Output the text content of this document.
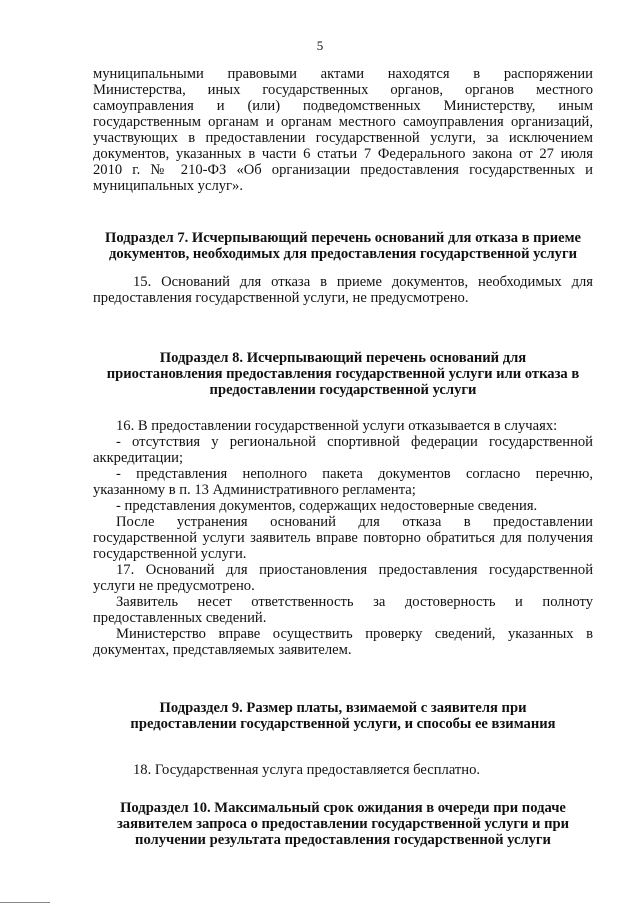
5
муниципальными правовыми актами находятся в распоряжении
Министерства, иных государственных органов, органов местного
самоуправления и (или) подведомственных Министерству, иным
государственным органам и органам местного самоуправления организаций,
участвующих в предоставлении государственной услуги, за исключением
документов, указанных в части 6 статьи 7 Федерального закона от 27 июля
2010 г. № 210-ФЗ «Об организации предоставления государственных и
муниципальных услуг».
Подраздел 7. Исчерпывающий перечень оснований для отказа в приеме
документов, необходимых для предоставления государственной услуги
15. Оснований для отказа в приеме документов, необходимых для
предоставления государственной услуги, не предусмотрено.
Подраздел 8. Исчерпывающий перечень оснований для
приостановления предоставления государственной услуги или отказа в
предоставлении государственной услуги
16. В предоставлении государственной услуги отказывается в случаях:
- отсутствия у региональной спортивной федерации государственной
аккредитации;
- представления неполного пакета документов согласно перечню,
указанному в п. 13 Административного регламента;
- представления документов, содержащих недостоверные сведения.
После устранения оснований для отказа в предоставлении
государственной услуги заявитель вправе повторно обратиться для получения
государственной услуги.
17. Оснований для приостановления предоставления государственной
услуги не предусмотрено.
Заявитель несет ответственность за достоверность и полноту
предоставленных сведений.
Министерство вправе осуществить проверку сведений, указанных в
документах, представляемых заявителем.
Подраздел 9. Размер платы, взимаемой с заявителя при
предоставлении государственной услуги, и способы ее взимания
18. Государственная услуга предоставляется бесплатно.
Подраздел 10. Максимальный срок ожидания в очереди при подаче
заявителем запроса о предоставлении государственной услуги и при
получении результата предоставления государственной услуги
